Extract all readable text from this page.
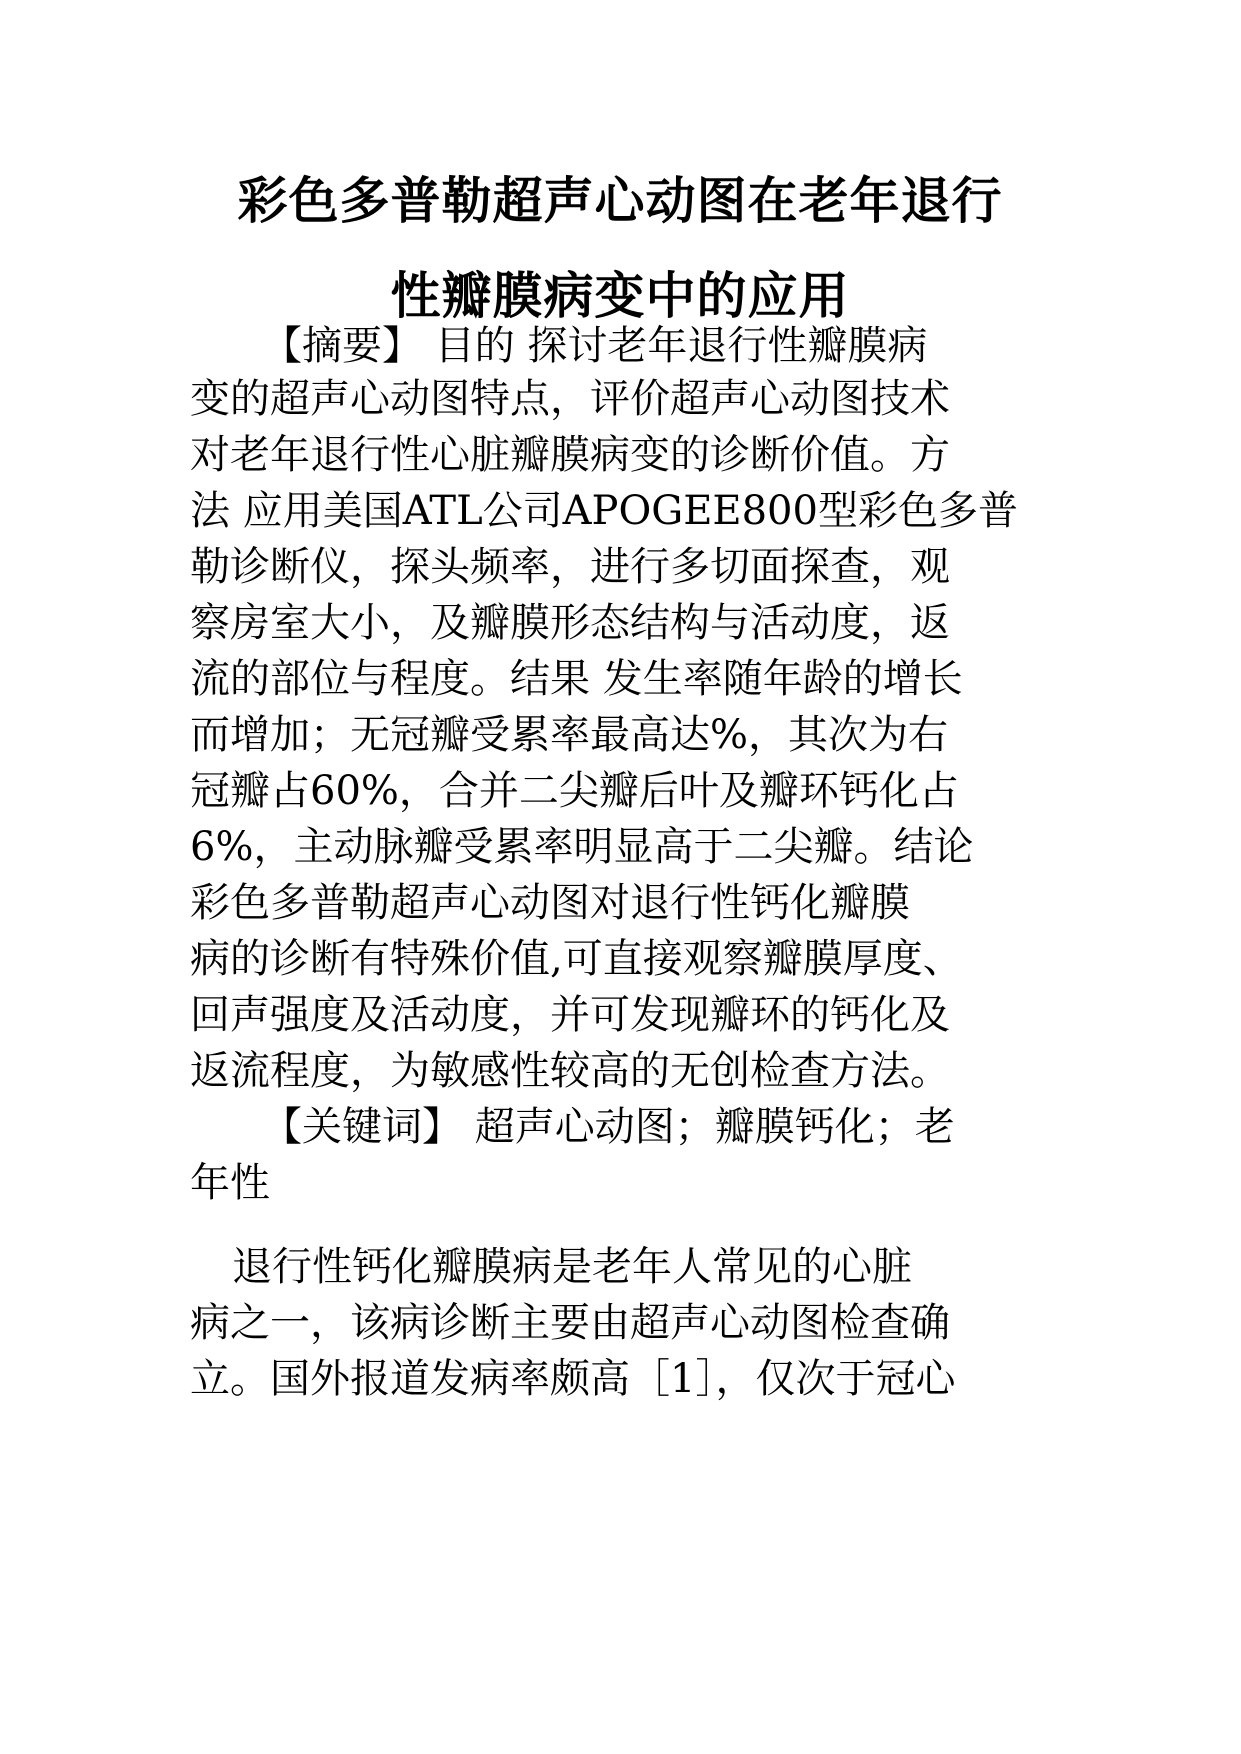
彩色多普勒超声心动图在老年退行
性瓣膜病变中的应用
【摘要】 目的 探讨老年退行性瓣膜病
变的超声心动图特点，评价超声心动图技术
对老年退行性心脏瓣膜病变的诊断价值。方
法 应用美国ATL公司APOGEE800型彩色多普
勒诊断仪，探头频率，进行多切面探查，观
察房室大小，及瓣膜形态结构与活动度，返
流的部位与程度。结果 发生率随年龄的增长
而增加；无冠瓣受累率最高达%，其次为右
冠瓣占60%，合并二尖瓣后叶及瓣环钙化占
6%，主动脉瓣受累率明显高于二尖瓣。结论
彩色多普勒超声心动图对退行性钙化瓣膜
病的诊断有特殊价值,可直接观察瓣膜厚度、
回声强度及活动度，并可发现瓣环的钙化及
返流程度，为敏感性较高的无创检查方法。
【关键词】 超声心动图；瓣膜钙化；老
年性
退行性钙化瓣膜病是老年人常见的心脏
病之一，该病诊断主要由超声心动图检查确
立。国外报道发病率颇高［1］，仅次于冠心
